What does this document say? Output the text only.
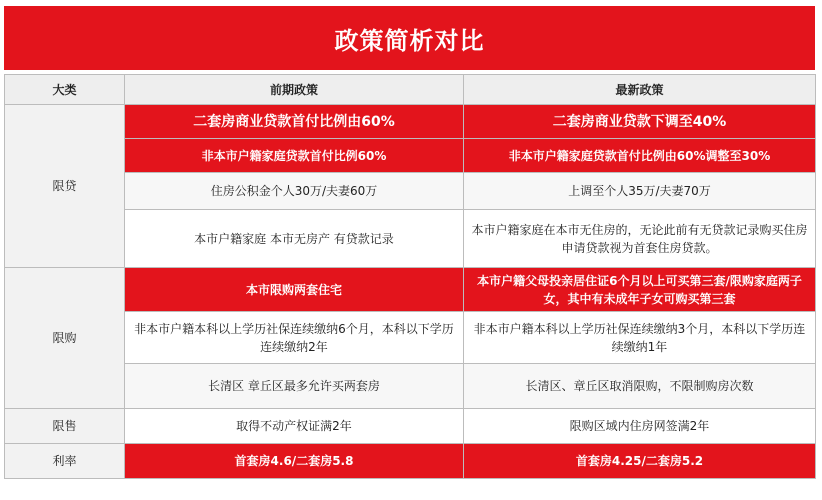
政策简析对比
大类	前期政策	最新政策
限贷	二套房商业贷款首付比例由60%	二套房商业贷款下调至40%
	非本市户籍家庭贷款首付比例60%	非本市户籍家庭贷款首付比例由60%调整至30%
	住房公积金个人30万/夫妻60万	上调至个人35万/夫妻70万
	本市户籍家庭 本市无房产 有贷款记录	本市户籍家庭在本市无住房的，无论此前有无贷款记录购买住房申请贷款视为首套住房贷款。
限购	本市限购两套住宅	本市户籍父母投亲居住证6个月以上可买第三套/限购家庭两子女，其中有未成年子女可购买第三套
	非本市户籍本科以上学历社保连续缴纳6个月，本科以下学历连续缴纳2年	非本市户籍本科以上学历社保连续缴纳3个月，本科以下学历连续缴纳1年
	长清区 章丘区最多允许买两套房	长清区、章丘区取消限购，不限制购房次数
限售	取得不动产权证满2年	限购区域内住房网签满2年
利率	首套房4.6/二套房5.8	首套房4.25/二套房5.2
